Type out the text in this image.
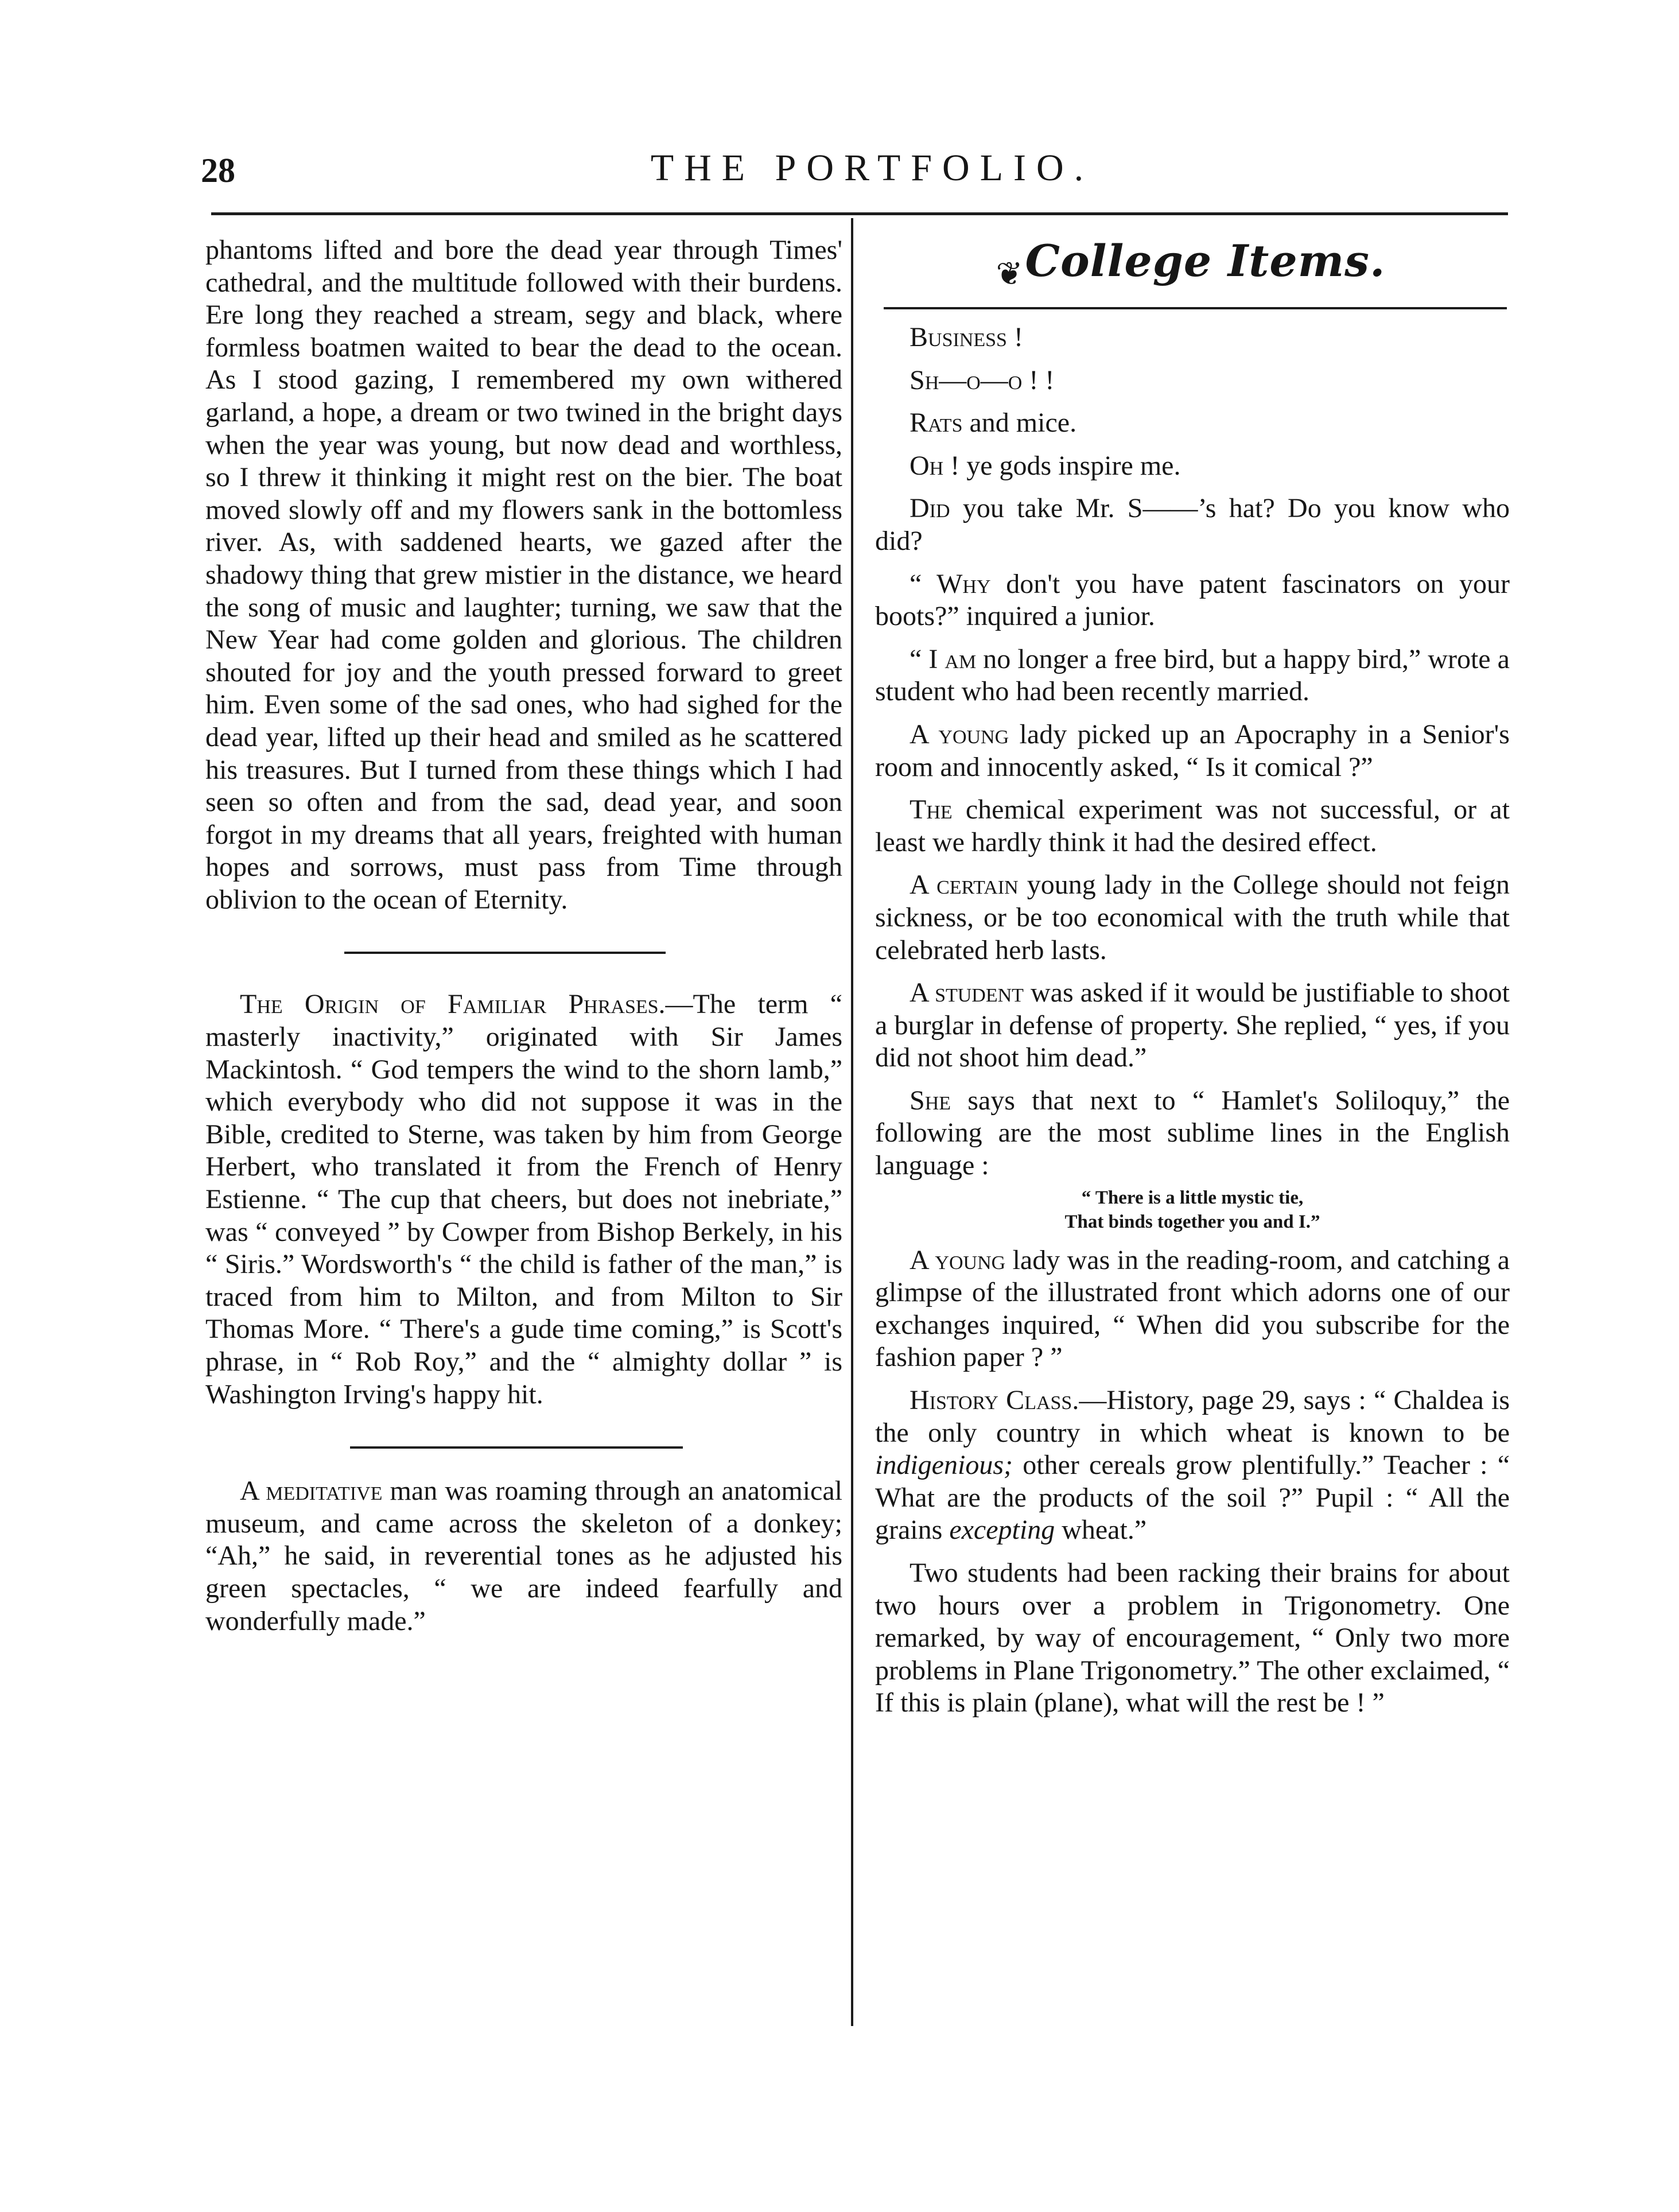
28	THE PORTFOLIO.

phantoms lifted and bore the dead year through Times' cathedral, and the multitude followed with their burdens. Ere long they reached a stream, segy and black, where formless boatmen waited to bear the dead to the ocean. As I stood gazing, I remembered my own withered garland, a hope, a dream or two twined in the bright days when the year was young, but now dead and worthless, so I threw it thinking it might rest on the bier. The boat moved slowly off and my flowers sank in the bottomless river. As, with saddened hearts, we gazed after the shadowy thing that grew mistier in the distance, we heard the song of music and laughter; turning, we saw that the New Year had come golden and glorious. The children shouted for joy and the youth pressed forward to greet him. Even some of the sad ones, who had sighed for the dead year, lifted up their head and smiled as he scattered his treasures. But I turned from these things which I had seen so often and from the sad, dead year, and soon forgot in my dreams that all years, freighted with human hopes and sorrows, must pass from Time through oblivion to the ocean of Eternity.

The Origin of Familiar Phrases.—The term “ masterly inactivity,” originated with Sir James Mackintosh. “ God tempers the wind to the shorn lamb,” which everybody who did not suppose it was in the Bible, credited to Sterne, was taken by him from George Herbert, who translated it from the French of Henry Estienne. “ The cup that cheers, but does not inebriate,” was “ conveyed ” by Cowper from Bishop Berkely, in his “ Siris.” Wordsworth's “ the child is father of the man,” is traced from him to Milton, and from Milton to Sir Thomas More. “ There's a gude time coming,” is Scott's phrase, in “ Rob Roy,” and the “ almighty dollar ” is Washington Irving's happy hit.

A meditative man was roaming through an anatomical museum, and came across the skeleton of a donkey; “Ah,” he said, in reverential tones as he adjusted his green spectacles, “ we are indeed fearfully and wonderfully made.”

❦ College Items.

Business !

Sh—o—o ! !

Rats and mice.

Oh ! ye gods inspire me.

Did you take Mr. S——’s hat? Do you know who did?

“ Why don't you have patent fascinators on your boots?” inquired a junior.

“ I am no longer a free bird, but a happy bird,” wrote a student who had been recently married.

A young lady picked up an Apocraphy in a Senior's room and innocently asked, “ Is it comical ?”

The chemical experiment was not successful, or at least we hardly think it had the desired effect.

A certain young lady in the College should not feign sickness, or be too economical with the truth while that celebrated herb lasts.

A student was asked if it would be justifiable to shoot a burglar in defense of property. She replied, “ yes, if you did not shoot him dead.”

She says that next to “ Hamlet's Soliloquy,” the following are the most sublime lines in the English language :

“ There is a little mystic tie,
That binds together you and I.”

A young lady was in the reading-room, and catching a glimpse of the illustrated front which adorns one of our exchanges inquired, “ When did you subscribe for the fashion paper ? ”

History Class.—History, page 29, says : “ Chaldea is the only country in which wheat is known to be indigenious; other cereals grow plentifully.” Teacher : “ What are the products of the soil ?” Pupil : “ All the grains excepting wheat.”

Two students had been racking their brains for about two hours over a problem in Trigonometry. One remarked, by way of encouragement, “ Only two more problems in Plane Trigonometry.” The other exclaimed, “ If this is plain (plane), what will the rest be ! ”
